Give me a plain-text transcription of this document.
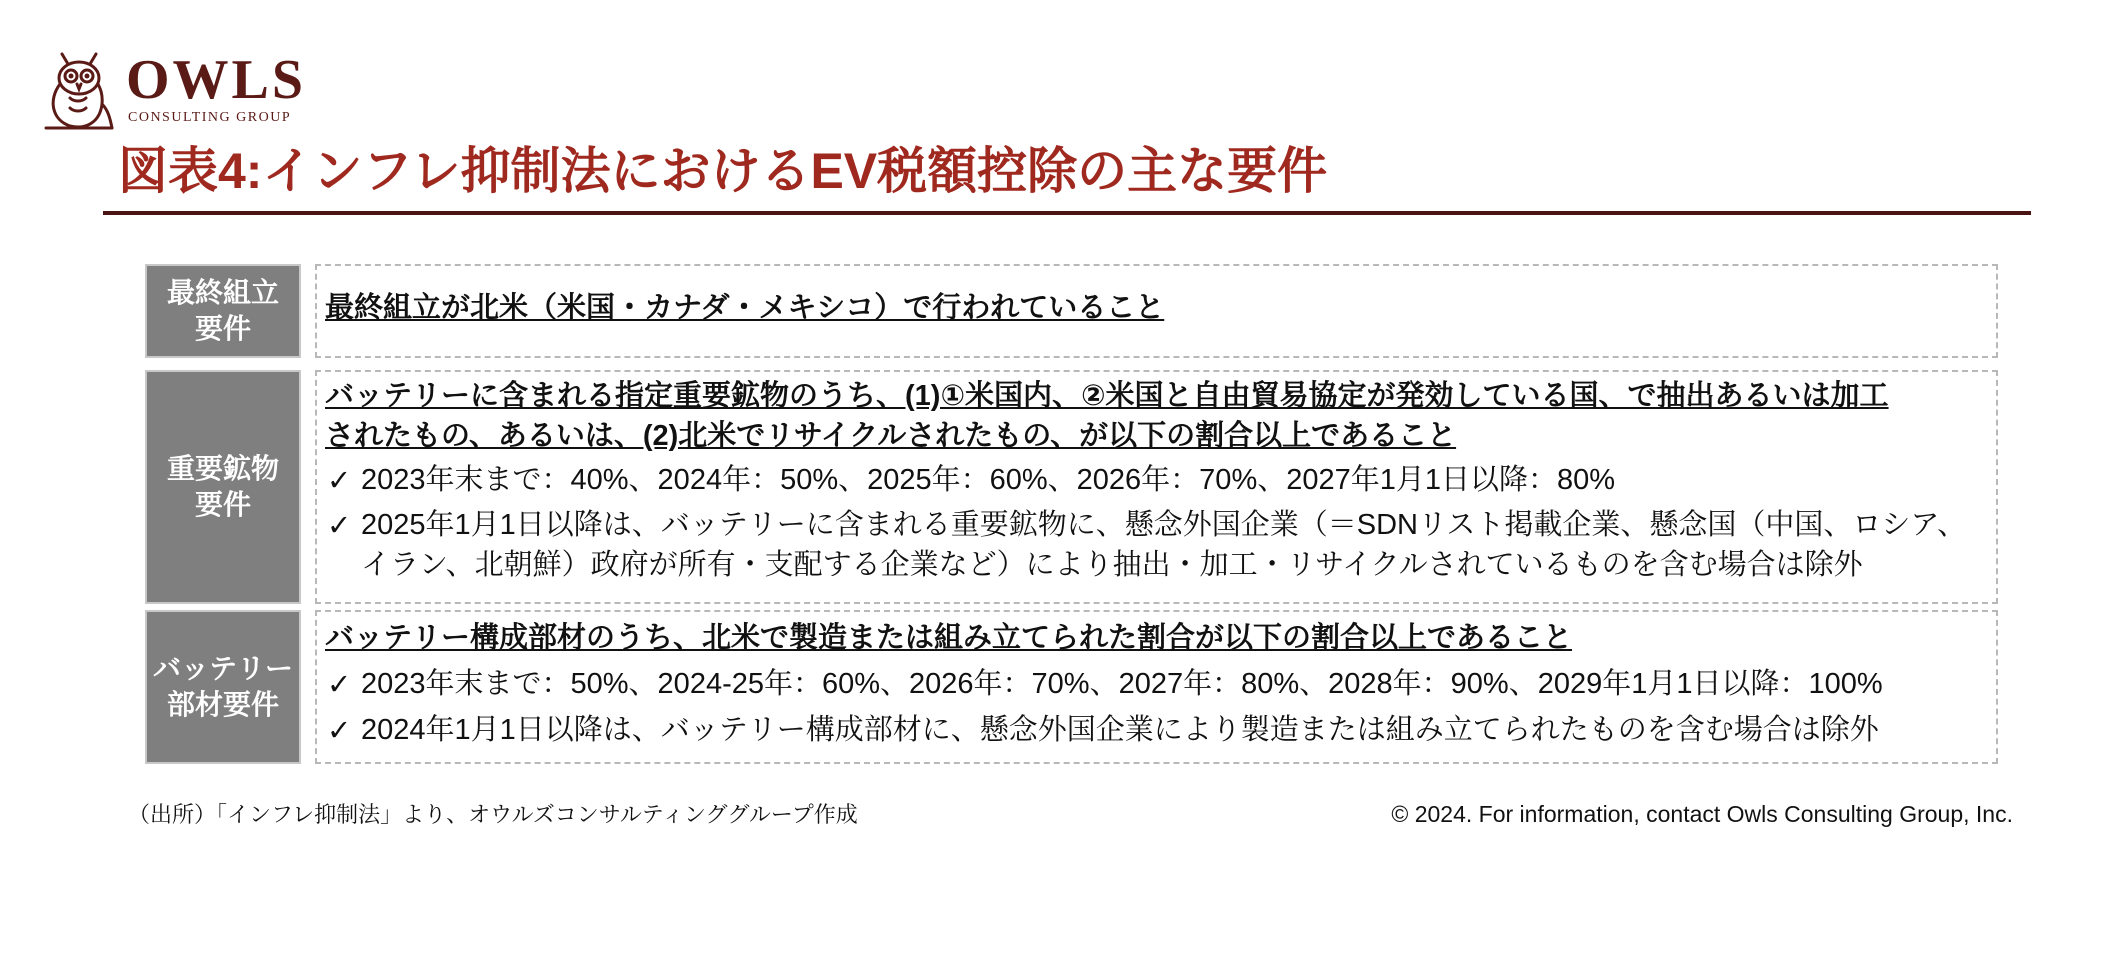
OWLS
CONSULTING GROUP
図表4:インフレ抑制法におけるEV税額控除の主な要件
最終組立
要件
最終組立が北米（米国・カナダ・メキシコ）で行われていること
重要鉱物
要件
バッテリーに含まれる指定重要鉱物のうち、(1)①米国内、②米国と自由貿易協定が発効している国、で抽出あるいは加工
されたもの、あるいは、(2)北米でリサイクルされたもの、が以下の割合以上であること
✓ 2023年末まで：40%、2024年：50%、2025年：60%、2026年：70%、2027年1月1日以降：80%
✓ 2025年1月1日以降は、バッテリーに含まれる重要鉱物に、懸念外国企業（＝SDNリスト掲載企業、懸念国（中国、ロシア、
イラン、北朝鮮）政府が所有・支配する企業など）により抽出・加工・リサイクルされているものを含む場合は除外
バッテリー
部材要件
バッテリー構成部材のうち、北米で製造または組み立てられた割合が以下の割合以上であること
✓ 2023年末まで：50%、2024-25年：60%、2026年：70%、2027年：80%、2028年：90%、2029年1月1日以降：100%
✓ 2024年1月1日以降は、バッテリー構成部材に、懸念外国企業により製造または組み立てられたものを含む場合は除外
（出所）「インフレ抑制法」より、オウルズコンサルティンググループ作成	© 2024. For information, contact Owls Consulting Group, Inc.
